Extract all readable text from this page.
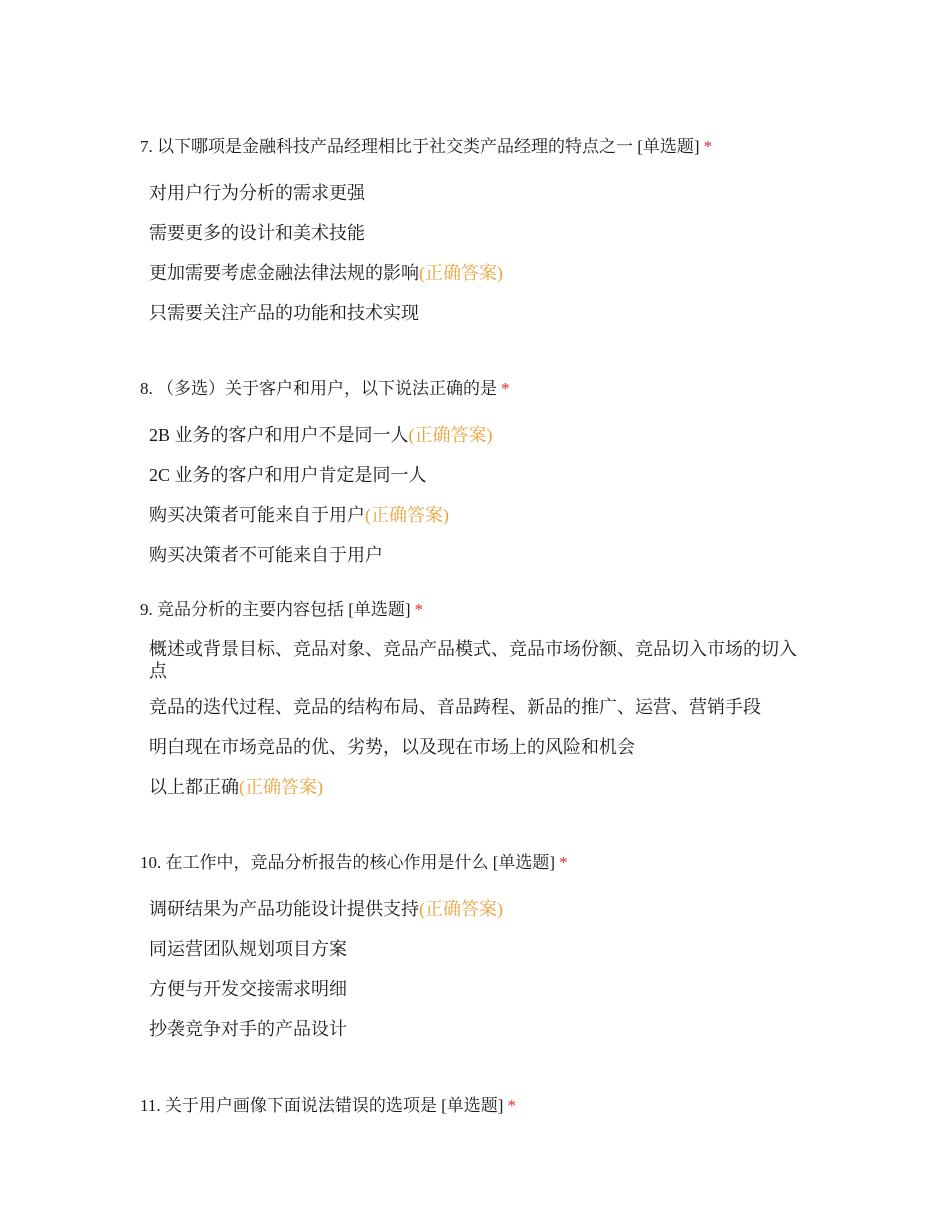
7. 以下哪项是金融科技产品经理相比于社交类产品经理的特点之一 [单选题] *
对用户行为分析的需求更强
需要更多的设计和美术技能
更加需要考虑金融法律法规的影响(正确答案)
只需要关注产品的功能和技术实现
8. （多选）关于客户和用户，以下说法正确的是 *
2B 业务的客户和用户不是同一人(正确答案)
2C 业务的客户和用户肯定是同一人
购买决策者可能来自于用户(正确答案)
购买决策者不可能来自于用户
9. 竞品分析的主要内容包括 [单选题] *
概述或背景目标、竞品对象、竞品产品模式、竞品市场份额、竞品切入市场的切入点
竞品的迭代过程、竞品的结构布局、音品踌程、新品的推广、运营、营销手段
明白现在市场竞品的优、劣势，以及现在市场上的风险和机会
以上都正确(正确答案)
10. 在工作中，竞品分析报告的核心作用是什么 [单选题] *
调研结果为产品功能设计提供支持(正确答案)
同运营团队规划项目方案
方便与开发交接需求明细
抄袭竞争对手的产品设计
11. 关于用户画像下面说法错误的选项是 [单选题] *
